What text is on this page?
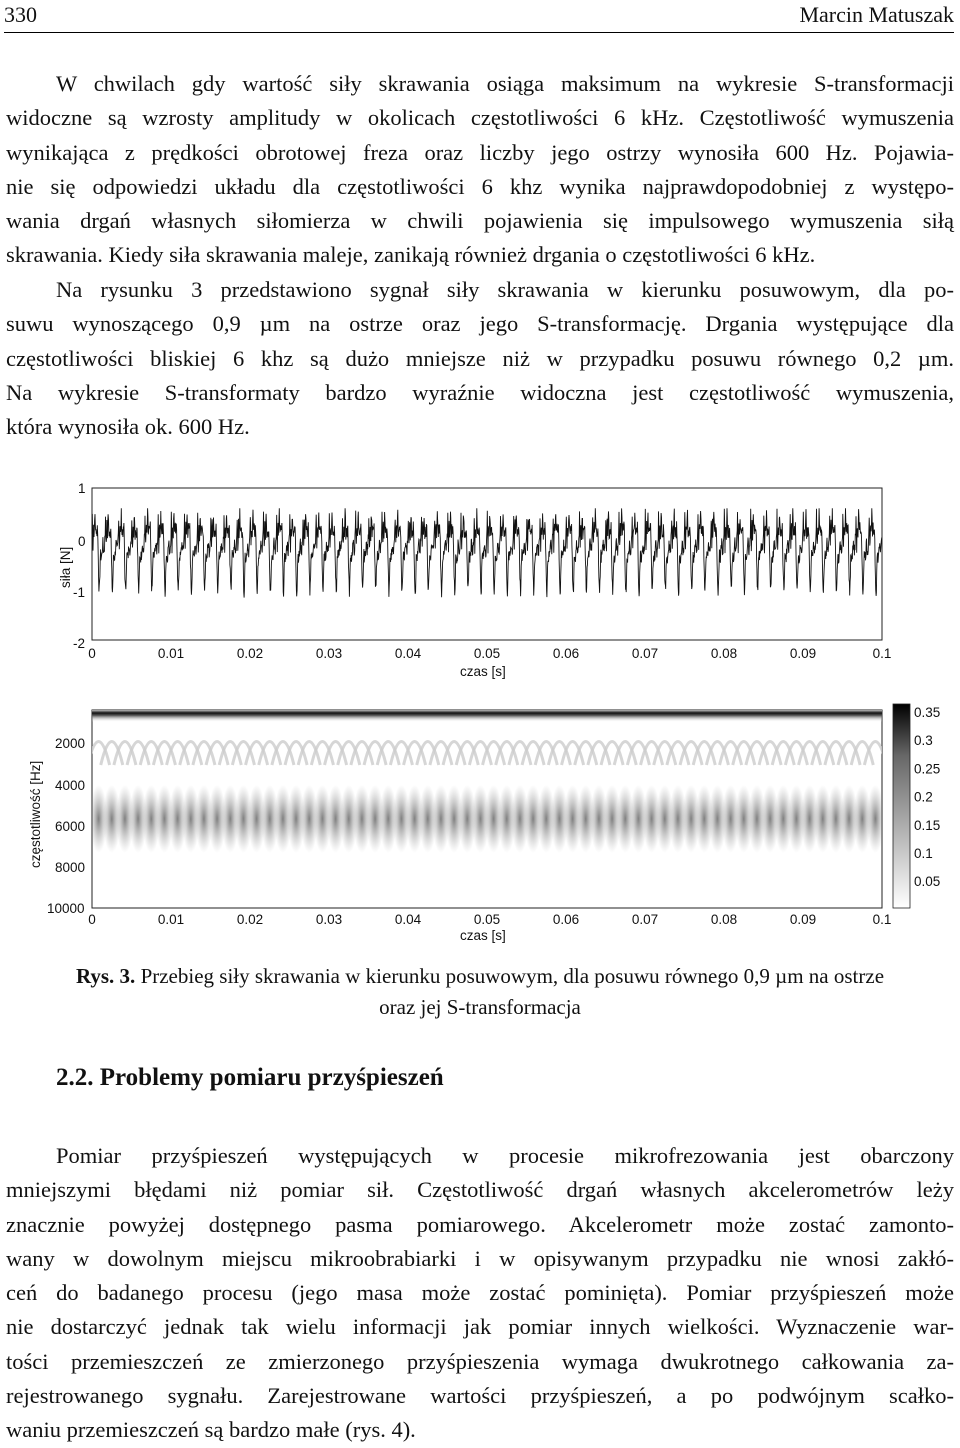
330	Marcin Matuszak
W chwilach gdy wartość siły skrawania osiąga maksimum na wykresie S-transformacji
widoczne są wzrosty amplitudy w okolicach częstotliwości 6 kHz. Częstotliwość wymuszenia
wynikająca z prędkości obrotowej freza oraz liczby jego ostrzy wynosiła 600 Hz. Pojawia-
nie się odpowiedzi układu dla częstotliwości 6 khz wynika najprawdopodobniej z występo-
wania drgań własnych siłomierza w chwili pojawienia się impulsowego wymuszenia siłą
skrawania. Kiedy siła skrawania maleje, zanikają również drgania o częstotliwości 6 kHz.
Na rysunku 3 przedstawiono sygnał siły skrawania w kierunku posuwowym, dla po-
suwu wynoszącego 0,9 µm na ostrze oraz jego S-transformację. Drgania występujące dla
częstotliwości bliskiej 6 khz są dużo mniejsze niż w przypadku posuwu równego 0,2 µm.
Na wykresie S-transformaty bardzo wyraźnie widoczna jest częstotliwość wymuszenia,
która wynosiła ok. 600 Hz.
1
0
-1
-2
siła [N]
0	0.01	0.02	0.03	0.04	0.05	0.06	0.07	0.08	0.09	0.1
czas [s]
2000
4000
6000
8000
10000
częstotliwość [Hz]
0	0.01	0.02	0.03	0.04	0.05	0.06	0.07	0.08	0.09	0.1
czas [s]
0.35
0.3
0.25
0.2
0.15
0.1
0.05
Rys. 3. Przebieg siły skrawania w kierunku posuwowym, dla posuwu równego 0,9 µm na ostrze
oraz jej S-transformacja
2.2. Problemy pomiaru przyśpieszeń
Pomiar przyśpieszeń występujących w procesie mikrofrezowania jest obarczony
mniejszymi błędami niż pomiar sił. Częstotliwość drgań własnych akcelerometrów leży
znacznie powyżej dostępnego pasma pomiarowego. Akcelerometr może zostać zamonto-
wany w dowolnym miejscu mikroobrabiarki i w opisywanym przypadku nie wnosi zakłó-
ceń do badanego procesu (jego masa może zostać pominięta). Pomiar przyśpieszeń może
nie dostarczyć jednak tak wielu informacji jak pomiar innych wielkości. Wyznaczenie war-
tości przemieszczeń ze zmierzonego przyśpieszenia wymaga dwukrotnego całkowania za-
rejestrowanego sygnału. Zarejestrowane wartości przyśpieszeń, a po podwójnym scałko-
waniu przemieszczeń są bardzo małe (rys. 4).
